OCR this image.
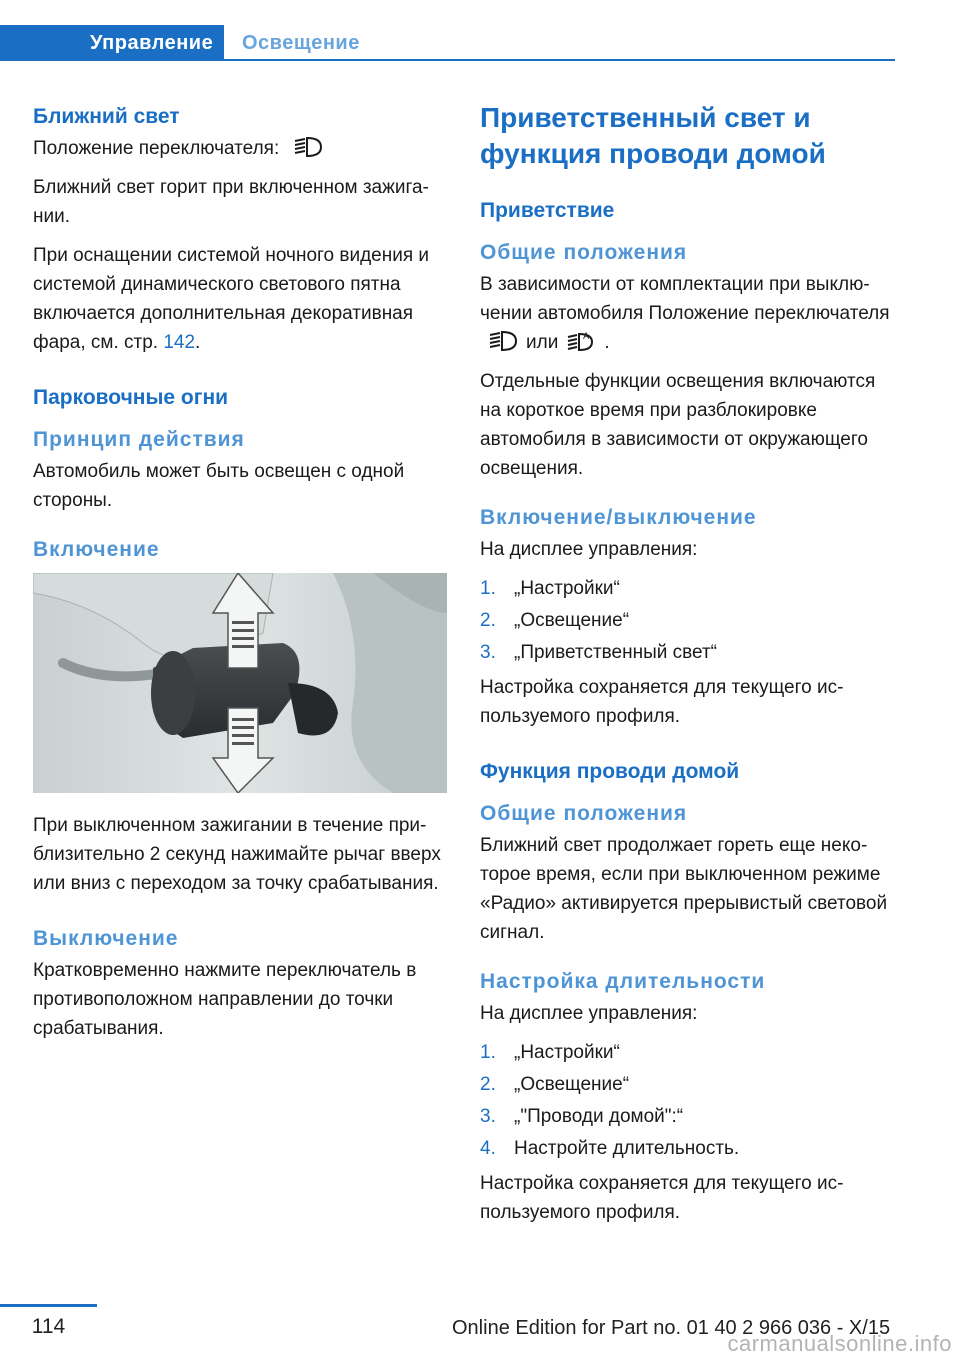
Управление	Освещение
Ближний свет

Положение переключателя:

Ближний свет горит при включенном зажигании.

При оснащении системой ночного видения и системой динамического светового пятна включается дополнительная декоративная фара, см. стр. 142.

Парковочные огни
Принцип действия

Автомобиль может быть освещен с одной стороны.

Включение

При выключенном зажигании в течение приблизительно 2 секунд нажимайте рычаг вверх или вниз с переходом за точку срабатывания.

Выключение

Кратковременно нажмите переключатель в противоположном направлении до точки срабатывания.

Приветственный свет и функция проводи домой
Приветствие
Общие положения

В зависимости от комплектации при выключении автомобиля Положение переключателя или	A .

Отдельные функции освещения включаются на короткое время при разблокировке автомобиля в зависимости от окружающего освещения.

Включение/выключение

На дисплее управления:

1. „Настройки“
2. „Освещение“
3. „Приветственный свет“

Настройка сохраняется для текущего используемого профиля.

Функция проводи домой
Общие положения

Ближний свет продолжает гореть еще некоторое время, если при выключенном режиме «Радио» активируется прерывистый световой сигнал.

Настройка длительности

На дисплее управления:

1. „Настройки“
2. „Освещение“
3. „"Проводи домой":“
4. Настройте длительность.

Настройка сохраняется для текущего используемого профиля.

114	Online Edition for Part no. 01 40 2 966 036 - X/15
carmanualsonline.info
